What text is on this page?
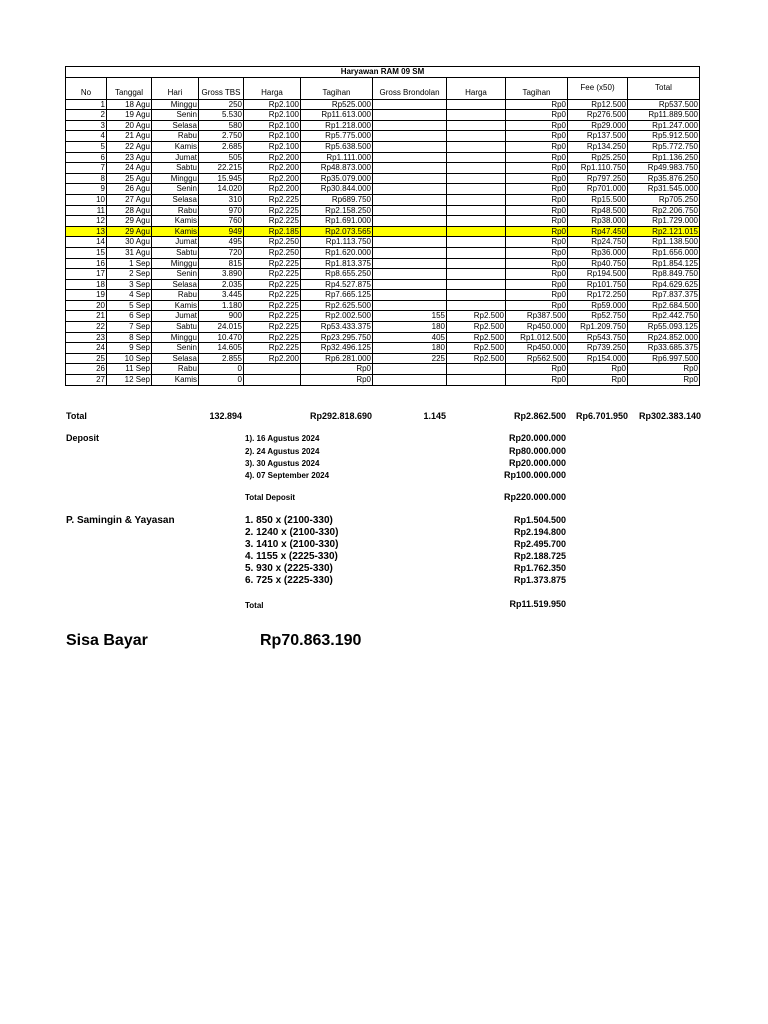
Haryawan RAM 09 SM										
No	Tanggal	Hari	Gross TBS	Harga	Tagihan	Gross Brondolan	Harga	Tagihan	Fee (x50)	Total
1	18 Agu	Minggu	250	Rp2.100	Rp525.000			Rp0	Rp12.500	Rp537.500
2	19 Agu	Senin	5.530	Rp2.100	Rp11.613.000			Rp0	Rp276.500	Rp11.889.500
3	20 Agu	Selasa	580	Rp2.100	Rp1.218.000			Rp0	Rp29.000	Rp1.247.000
4	21 Agu	Rabu	2.750	Rp2.100	Rp5.775.000			Rp0	Rp137.500	Rp5.912.500
5	22 Agu	Kamis	2.685	Rp2.100	Rp5.638.500			Rp0	Rp134.250	Rp5.772.750
6	23 Agu	Jumat	505	Rp2.200	Rp1.111.000			Rp0	Rp25.250	Rp1.136.250
7	24 Agu	Sabtu	22.215	Rp2.200	Rp48.873.000			Rp0	Rp1.110.750	Rp49.983.750
8	25 Agu	Minggu	15.945	Rp2.200	Rp35.079.000			Rp0	Rp797.250	Rp35.876.250
9	26 Agu	Senin	14.020	Rp2.200	Rp30.844.000			Rp0	Rp701.000	Rp31.545.000
10	27 Agu	Selasa	310	Rp2.225	Rp689.750			Rp0	Rp15.500	Rp705.250
11	28 Agu	Rabu	970	Rp2.225	Rp2.158.250			Rp0	Rp48.500	Rp2.206.750
12	29 Agu	Kamis	760	Rp2.225	Rp1.691.000			Rp0	Rp38.000	Rp1.729.000
13	29 Agu	Kamis	949	Rp2.185	Rp2.073.565			Rp0	Rp47.450	Rp2.121.015
14	30 Agu	Jumat	495	Rp2.250	Rp1.113.750			Rp0	Rp24.750	Rp1.138.500
15	31 Agu	Sabtu	720	Rp2.250	Rp1.620.000			Rp0	Rp36.000	Rp1.656.000
16	1 Sep	Minggu	815	Rp2.225	Rp1.813.375			Rp0	Rp40.750	Rp1.854.125
17	2 Sep	Senin	3.890	Rp2.225	Rp8.655.250			Rp0	Rp194.500	Rp8.849.750
18	3 Sep	Selasa	2.035	Rp2.225	Rp4.527.875			Rp0	Rp101.750	Rp4.629.625
19	4 Sep	Rabu	3.445	Rp2.225	Rp7.665.125			Rp0	Rp172.250	Rp7.837.375
20	5 Sep	Kamis	1.180	Rp2.225	Rp2.625.500			Rp0	Rp59.000	Rp2.684.500
21	6 Sep	Jumat	900	Rp2.225	Rp2.002.500	155	Rp2.500	Rp387.500	Rp52.750	Rp2.442.750
22	7 Sep	Sabtu	24.015	Rp2.225	Rp53.433.375	180	Rp2.500	Rp450.000	Rp1.209.750	Rp55.093.125
23	8 Sep	Minggu	10.470	Rp2.225	Rp23.295.750	405	Rp2.500	Rp1.012.500	Rp543.750	Rp24.852.000
24	9 Sep	Senin	14.605	Rp2.225	Rp32.496.125	180	Rp2.500	Rp450.000	Rp739.250	Rp33.685.375
25	10 Sep	Selasa	2.855	Rp2.200	Rp6.281.000	225	Rp2.500	Rp562.500	Rp154.000	Rp6.997.500
26	11 Sep	Rabu	0		Rp0			Rp0	Rp0	Rp0
27	12 Sep	Kamis	0		Rp0			Rp0	Rp0	Rp0
Total	132.894	Rp292.818.690	1.145	Rp2.862.500	Rp6.701.950	Rp302.383.140
Deposit	1). 16 Agustus 2024	Rp20.000.000
2). 24 Agustus 2024	Rp80.000.000
3). 30 Agustus 2024	Rp20.000.000
4). 07 September 2024	Rp100.000.000
Total Deposit	Rp220.000.000
P. Samingin & Yayasan	1. 850 x (2100-330)	Rp1.504.500
2. 1240 x (2100-330)	Rp2.194.800
3. 1410 x (2100-330)	Rp2.495.700
4. 1155 x (2225-330)	Rp2.188.725
5. 930 x (2225-330)	Rp1.762.350
6. 725 x (2225-330)	Rp1.373.875
Total	Rp11.519.950
Sisa Bayar	Rp70.863.190
